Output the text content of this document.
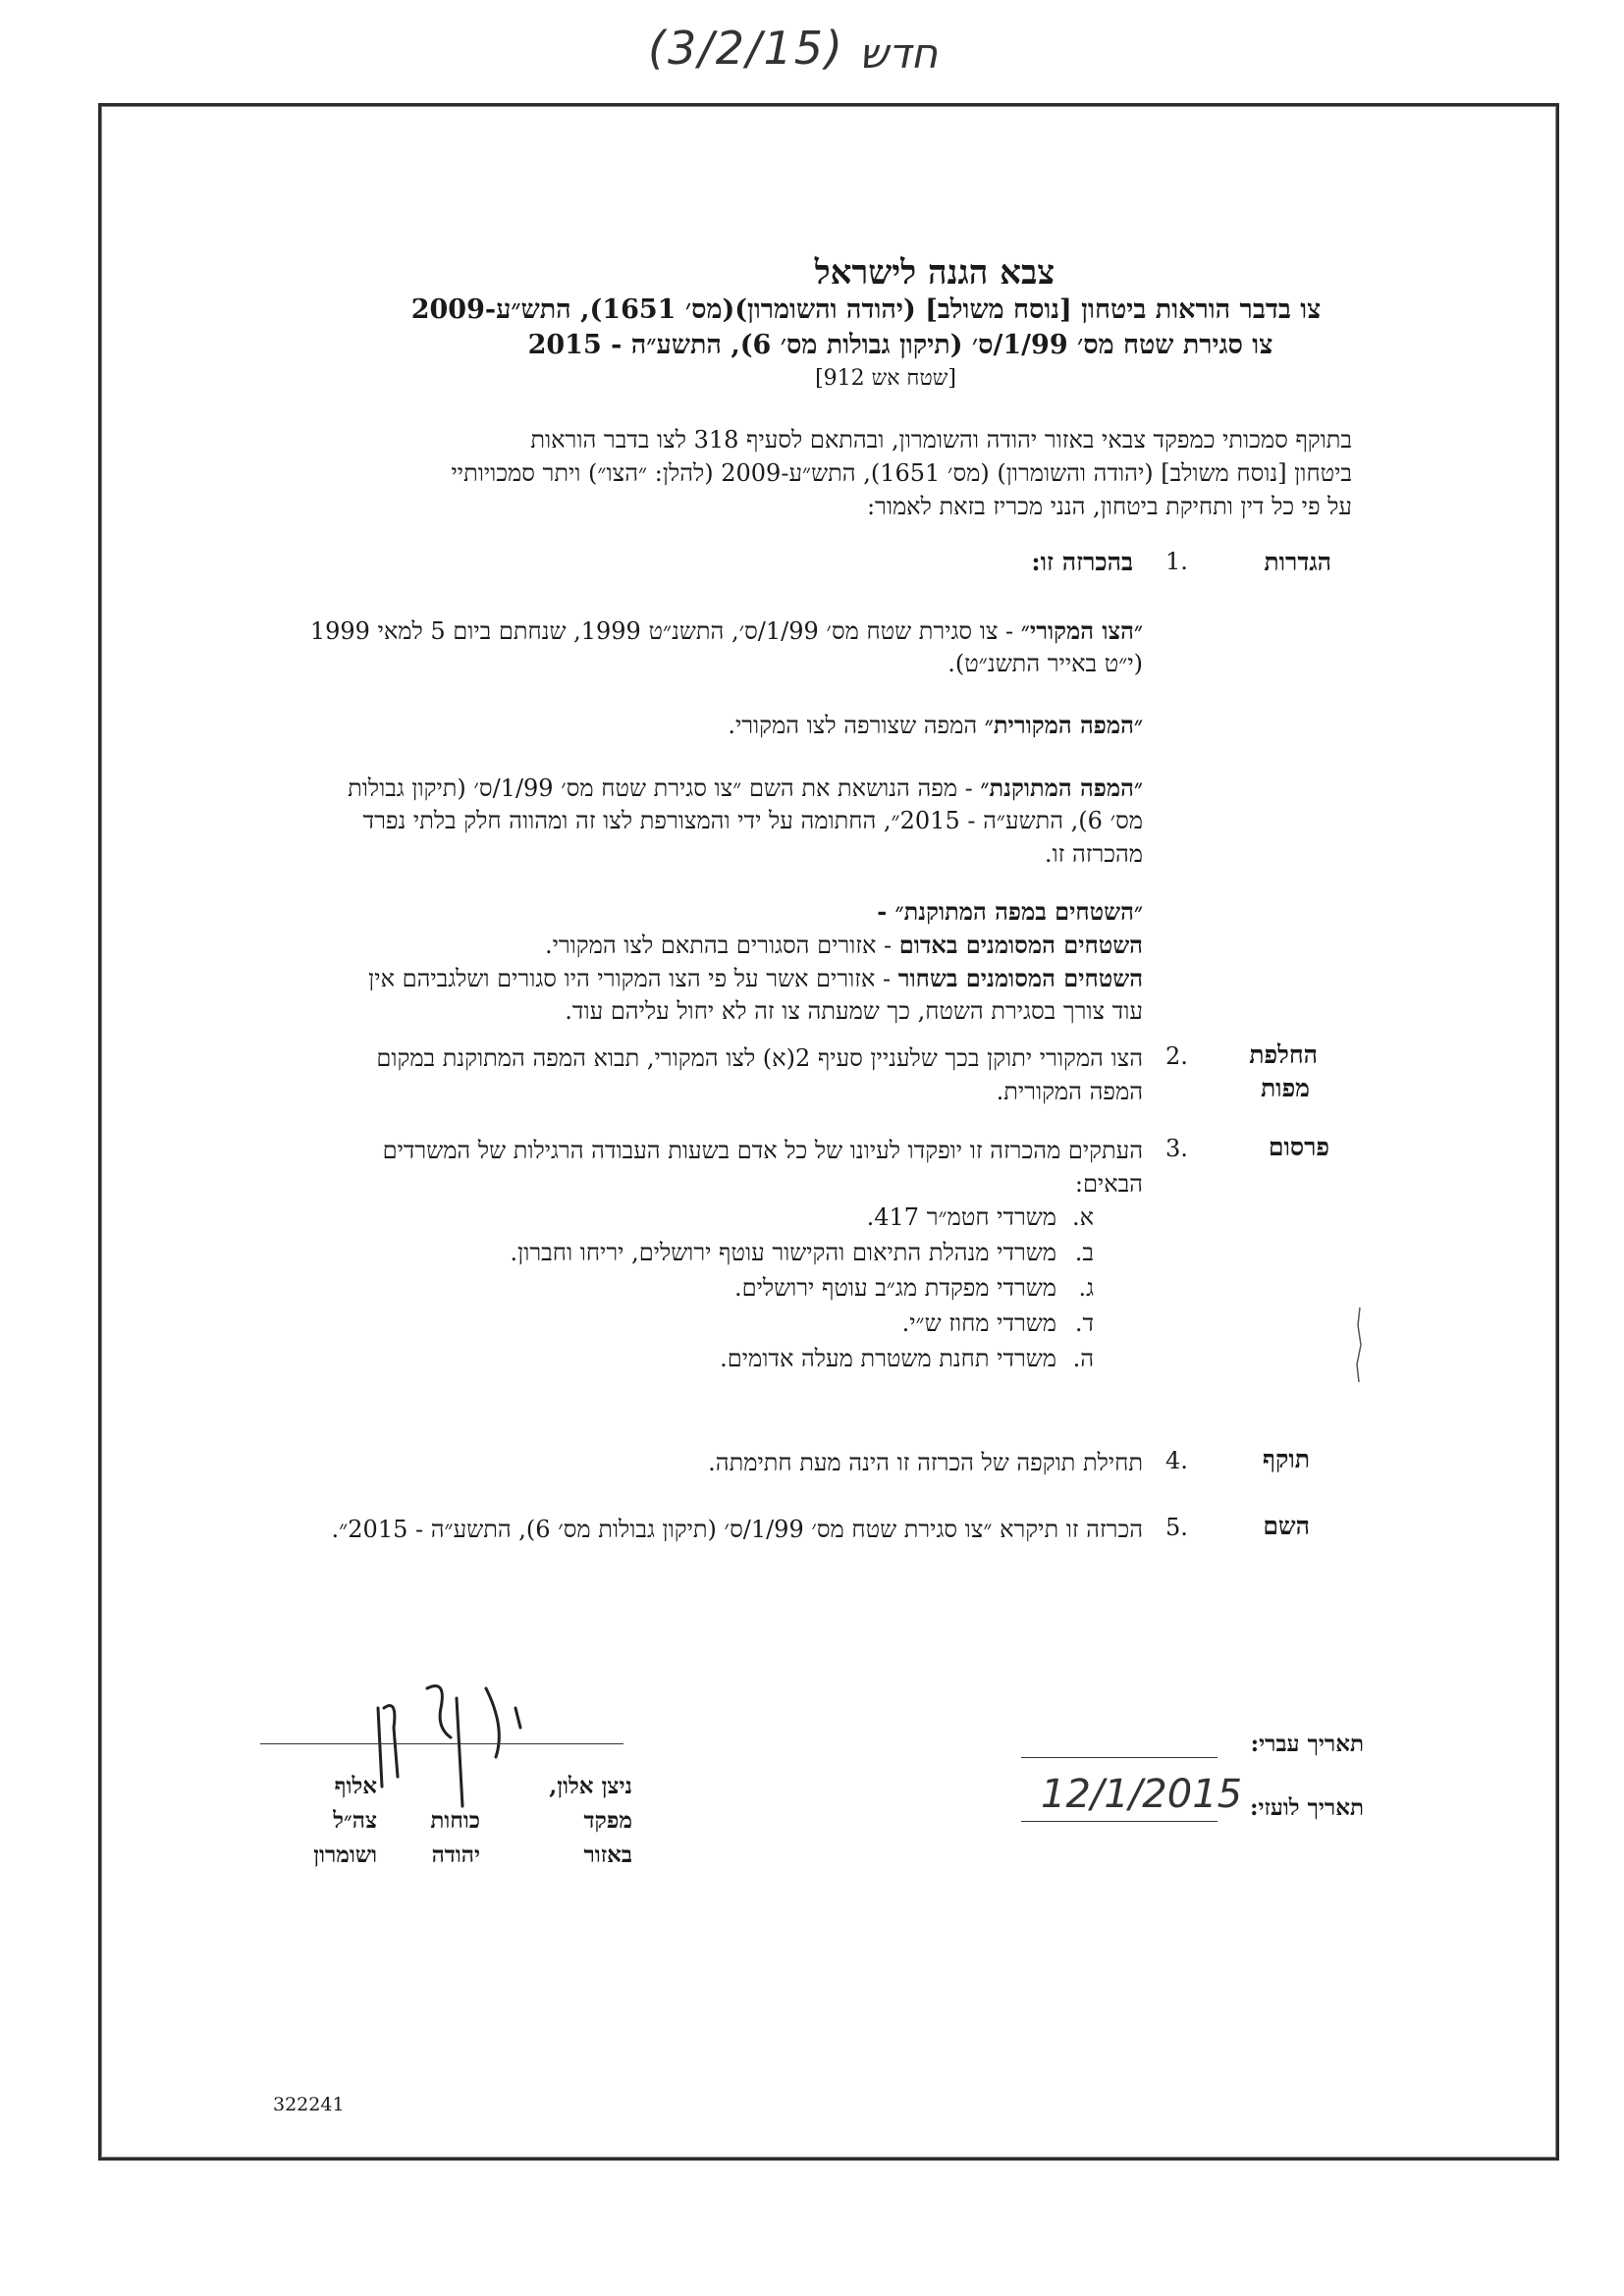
(3/2/15) חדש
צבא הגנה לישראל
צו בדבר הוראות ביטחון [נוסח משולב] (יהודה והשומרון)(מס׳ 1651), התש״ע-2009
צו סגירת שטח מס׳ 1/99/ס׳ (תיקון גבולות מס׳ 6), התשע״ה - 2015
[שטח אש 912]
בתוקף סמכותי כמפקד צבאי באזור יהודה והשומרון, ובהתאם לסעיף 318 לצו בדבר הוראות
ביטחון [נוסח משולב] (יהודה והשומרון) (מס׳ 1651), התש״ע-2009 (להלן: ״הצו״) ויתר סמכויותיי
על פי כל דין ותחיקת ביטחון, הנני מכריז בזאת לאמור:
הגדרות
1.
בהכרזה זו:
״הצו המקורי״ - צו סגירת שטח מס׳ 1/99/ס׳, התשנ״ט 1999, שנחתם ביום 5 למאי 1999
(י״ט באייר התשנ״ט).
״המפה המקורית״ המפה שצורפה לצו המקורי.
״המפה המתוקנת״ - מפה הנושאת את השם ״צו סגירת שטח מס׳ 1/99/ס׳ (תיקון גבולות
מס׳ 6), התשע״ה - 2015״, החתומה על ידי והמצורפת לצו זה ומהווה חלק בלתי נפרד
מהכרזה זו.
״השטחים במפה המתוקנת״ -
השטחים המסומנים באדום - אזורים הסגורים בהתאם לצו המקורי.
השטחים המסומנים בשחור - אזורים אשר על פי הצו המקורי היו סגורים ושלגביהם אין
עוד צורך בסגירת השטח, כך שמעתה צו זה לא יחול עליהם עוד.
החלפת
מפות
2.
הצו המקורי יתוקן בכך שלעניין סעיף 2(א) לצו המקורי, תבוא המפה המתוקנת במקום
המפה המקורית.
פרסום
3.
העתקים מהכרזה זו יופקדו לעיונו של כל אדם בשעות העבודה הרגילות של המשרדים
הבאים:
א.משרדי חטמ״ר 417.
ב.משרדי מנהלת התיאום והקישור עוטף ירושלים, יריחו וחברון.
ג.משרדי מפקדת מג״ב עוטף ירושלים.
ד.משרדי מחוז ש״י.
ה.משרדי תחנת משטרת מעלה אדומים.
תוקף
4.
תחילת תוקפה של הכרזה זו הינה מעת חתימתה.
השם
5.
הכרזה זו תיקרא ״צו סגירת שטח מס׳ 1/99/ס׳ (תיקון גבולות מס׳ 6), התשע״ה - 2015״.
ניצן אלון,
מפקד
באזור

כוחות
יהודה
אלוף
צה״ל
ושומרון
תאריך עברי:
תאריך לועזי:
12/1/2015
322241
